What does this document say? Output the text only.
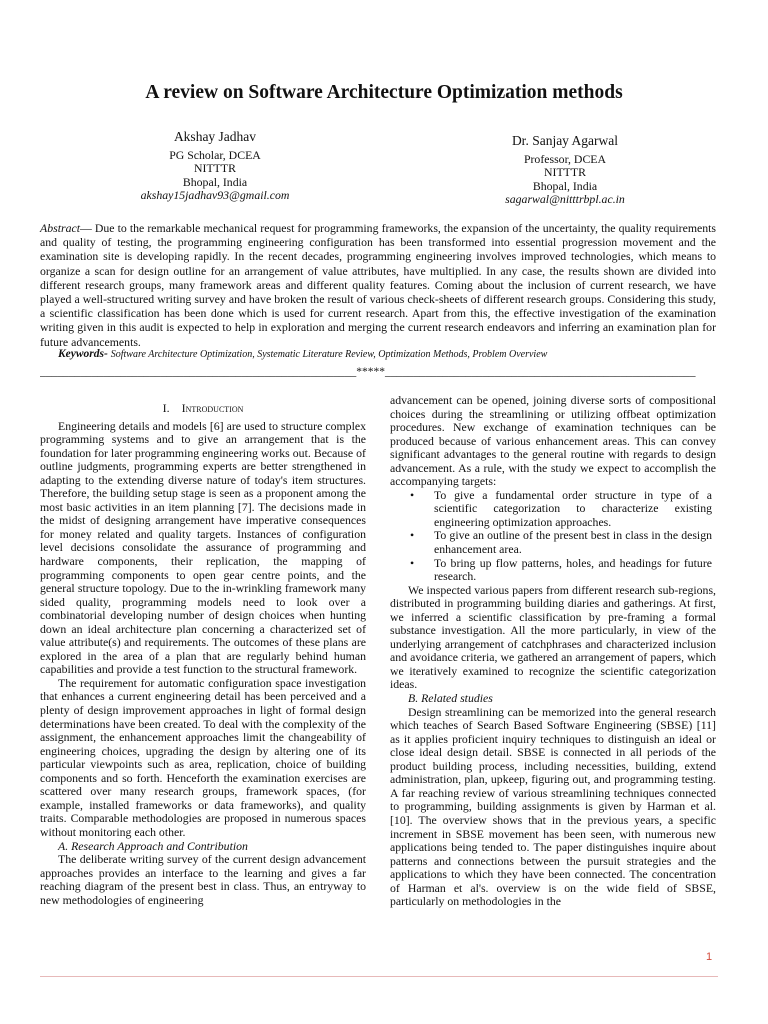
A review on Software Architecture Optimization methods
Akshay Jadhav
PG Scholar, DCEA
NITTTR
Bhopal, India
akshay15jadhav93@gmail.com
Dr. Sanjay Agarwal
Professor, DCEA
NITTTR
Bhopal, India
sagarwal@nitttrbpl.ac.in

Abstract— Due to the remarkable mechanical request for programming frameworks, the expansion of the uncertainty, the quality requirements and quality of testing, the programming engineering configuration has been transformed into essential progression movement and the examination site is developing rapidly. In the recent decades, programming engineering involves improved technologies, which means to organize a scan for design outline for an arrangement of value attributes, have multiplied. In any case, the results shown are divided into different research groups, many framework areas and different quality features. Coming about the inclusion of current research, we have played a well-structured writing survey and have broken the result of various check-sheets of different research groups. Considering this study, a scientific classification has been done which is used for current research. Apart from this, the effective investigation of the examination writing given in this audit is expected to help in exploration and merging the current research endeavors and inferring an examination plan for future advancements.

Keywords- Software Architecture Optimization, Systematic Literature Review, Optimization Methods, Problem Overview

_______________________________________________________*****______________________________________________________
I. Introduction

Engineering details and models [6] are used to structure complex programming systems and to give an arrangement that is the foundation for later programming engineering works out. Because of outline judgments, programming experts are better strengthened in adapting to the extending diverse nature of today's item structures. Therefore, the building setup stage is seen as a proponent among the most basic activities in an item planning [7]. The decisions made in the midst of designing arrangement have imperative consequences for money related and quality targets. Instances of configuration level decisions consolidate the assurance of programming and hardware components, their replication, the mapping of programming components to open gear centre points, and the general structure topology. Due to the in-wrinkling framework many sided quality, programming models need to look over a combinatorial developing number of design choices when hunting down an ideal architecture plan concerning a characterized set of value attribute(s) and requirements. The outcomes of these plans are explored in the area of a plan that are regularly behind human capabilities and provide a test function to the structural framework.

The requirement for automatic configuration space investigation that enhances a current engineering detail has been perceived and a plenty of design improvement approaches in light of formal design determinations have been created. To deal with the complexity of the assignment, the enhancement approaches limit the changeability of engineering choices, upgrading the design by altering one of its particular viewpoints such as area, replication, choice of building components and so forth. Henceforth the examination exercises are scattered over many research groups, framework spaces, (for example, installed frameworks or data frameworks), and quality traits. Comparable methodologies are proposed in numerous spaces without monitoring each other.

A. Research Approach and Contribution

The deliberate writing survey of the current design advancement approaches provides an interface to the learning and gives a far reaching diagram of the present best in class. Thus, an entryway to new methodologies of engineering

advancement can be opened, joining diverse sorts of compositional choices during the streamlining or utilizing offbeat optimization procedures. New exchange of examination techniques can be produced because of various enhancement areas. This can convey significant advantages to the general routine with regards to design advancement. As a rule, with the study we expect to accomplish the accompanying targets:

• To give a fundamental order structure in type of a scientific categorization to characterize existing engineering optimization approaches.
• To give an outline of the present best in class in the design enhancement area.
• To bring up flow patterns, holes, and headings for future research.

We inspected various papers from different research sub-regions, distributed in programming building diaries and gatherings. At first, we inferred a scientific classification by pre-framing a formal substance investigation. All the more particularly, in view of the underlying arrangement of catchphrases and characterized inclusion and avoidance criteria, we gathered an arrangement of papers, which we iteratively examined to recognize the scientific categorization ideas.

B. Related studies

Design streamlining can be memorized into the general research which teaches of Search Based Software Engineering (SBSE) [11] as it applies proficient inquiry techniques to distinguish an ideal or close ideal design detail. SBSE is connected in all periods of the product building process, including necessities, building, extend administration, plan, upkeep, figuring out, and programming testing. A far reaching review of various streamlining techniques connected to programming, building assignments is given by Harman et al. [10]. The overview shows that in the previous years, a specific increment in SBSE movement has been seen, with numerous new applications being tended to. The paper distinguishes inquire about patterns and connections between the pursuit strategies and the applications to which they have been connected. The concentration of Harman et al's. overview is on the wide field of SBSE, particularly on methodologies in the

1
